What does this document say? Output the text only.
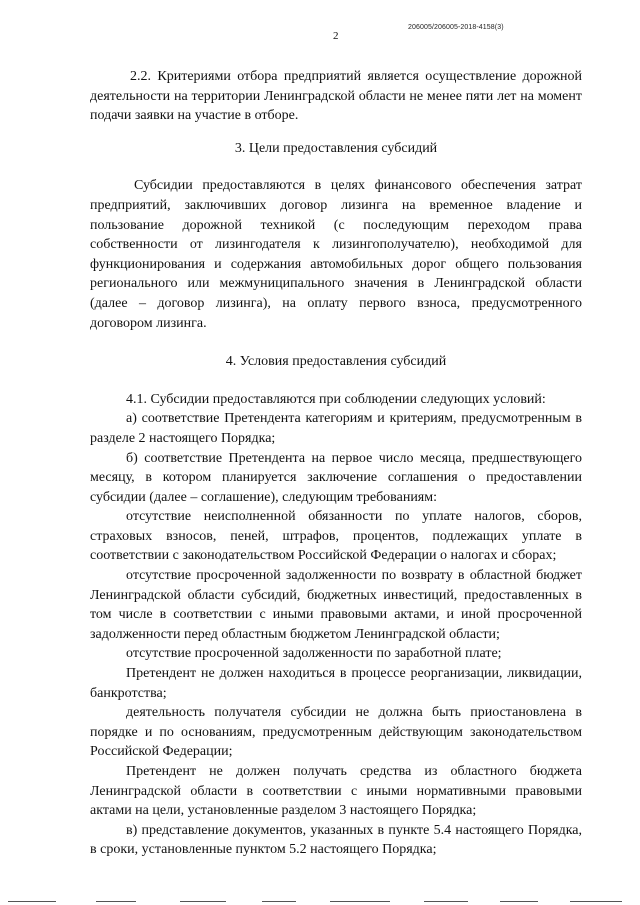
206005/206005-2018-4158(3)
2

2.2. Критериями отбора предприятий является осуществление дорожной деятельности на территории Ленинградской области не менее пяти лет на момент подачи заявки на участие в отборе.

3. Цели предоставления субсидий

Субсидии предоставляются в целях финансового обеспечения затрат предприятий, заключивших договор лизинга на временное владение и пользование дорожной техникой (с последующим переходом права собственности от лизингодателя к лизингополучателю), необходимой для функционирования и содержания автомобильных дорог общего пользования регионального или межмуниципального значения в Ленинградской области (далее – договор лизинга), на оплату первого взноса, предусмотренного договором лизинга.

4. Условия предоставления субсидий

4.1. Субсидии предоставляются при соблюдении следующих условий:

а) соответствие Претендента категориям и критериям, предусмотренным в разделе 2 настоящего Порядка;

б) соответствие Претендента на первое число месяца, предшествующего месяцу, в котором планируется заключение соглашения о предоставлении субсидии (далее – соглашение), следующим требованиям:

отсутствие неисполненной обязанности по уплате налогов, сборов, страховых взносов, пеней, штрафов, процентов, подлежащих уплате в соответствии с законодательством Российской Федерации о налогах и сборах;

отсутствие просроченной задолженности по возврату в областной бюджет Ленинградской области субсидий, бюджетных инвестиций, предоставленных в том числе в соответствии с иными правовыми актами, и иной просроченной задолженности перед областным бюджетом Ленинградской области;

отсутствие просроченной задолженности по заработной плате;

Претендент не должен находиться в процессе реорганизации, ликвидации, банкротства;

деятельность получателя субсидии не должна быть приостановлена в порядке и по основаниям, предусмотренным действующим законодательством Российской Федерации;

Претендент не должен получать средства из областного бюджета Ленинградской области в соответствии с иными нормативными правовыми актами на цели, установленные разделом 3 настоящего Порядка;

в) представление документов, указанных в пункте 5.4 настоящего Порядка, в сроки, установленные пунктом 5.2 настоящего Порядка;
